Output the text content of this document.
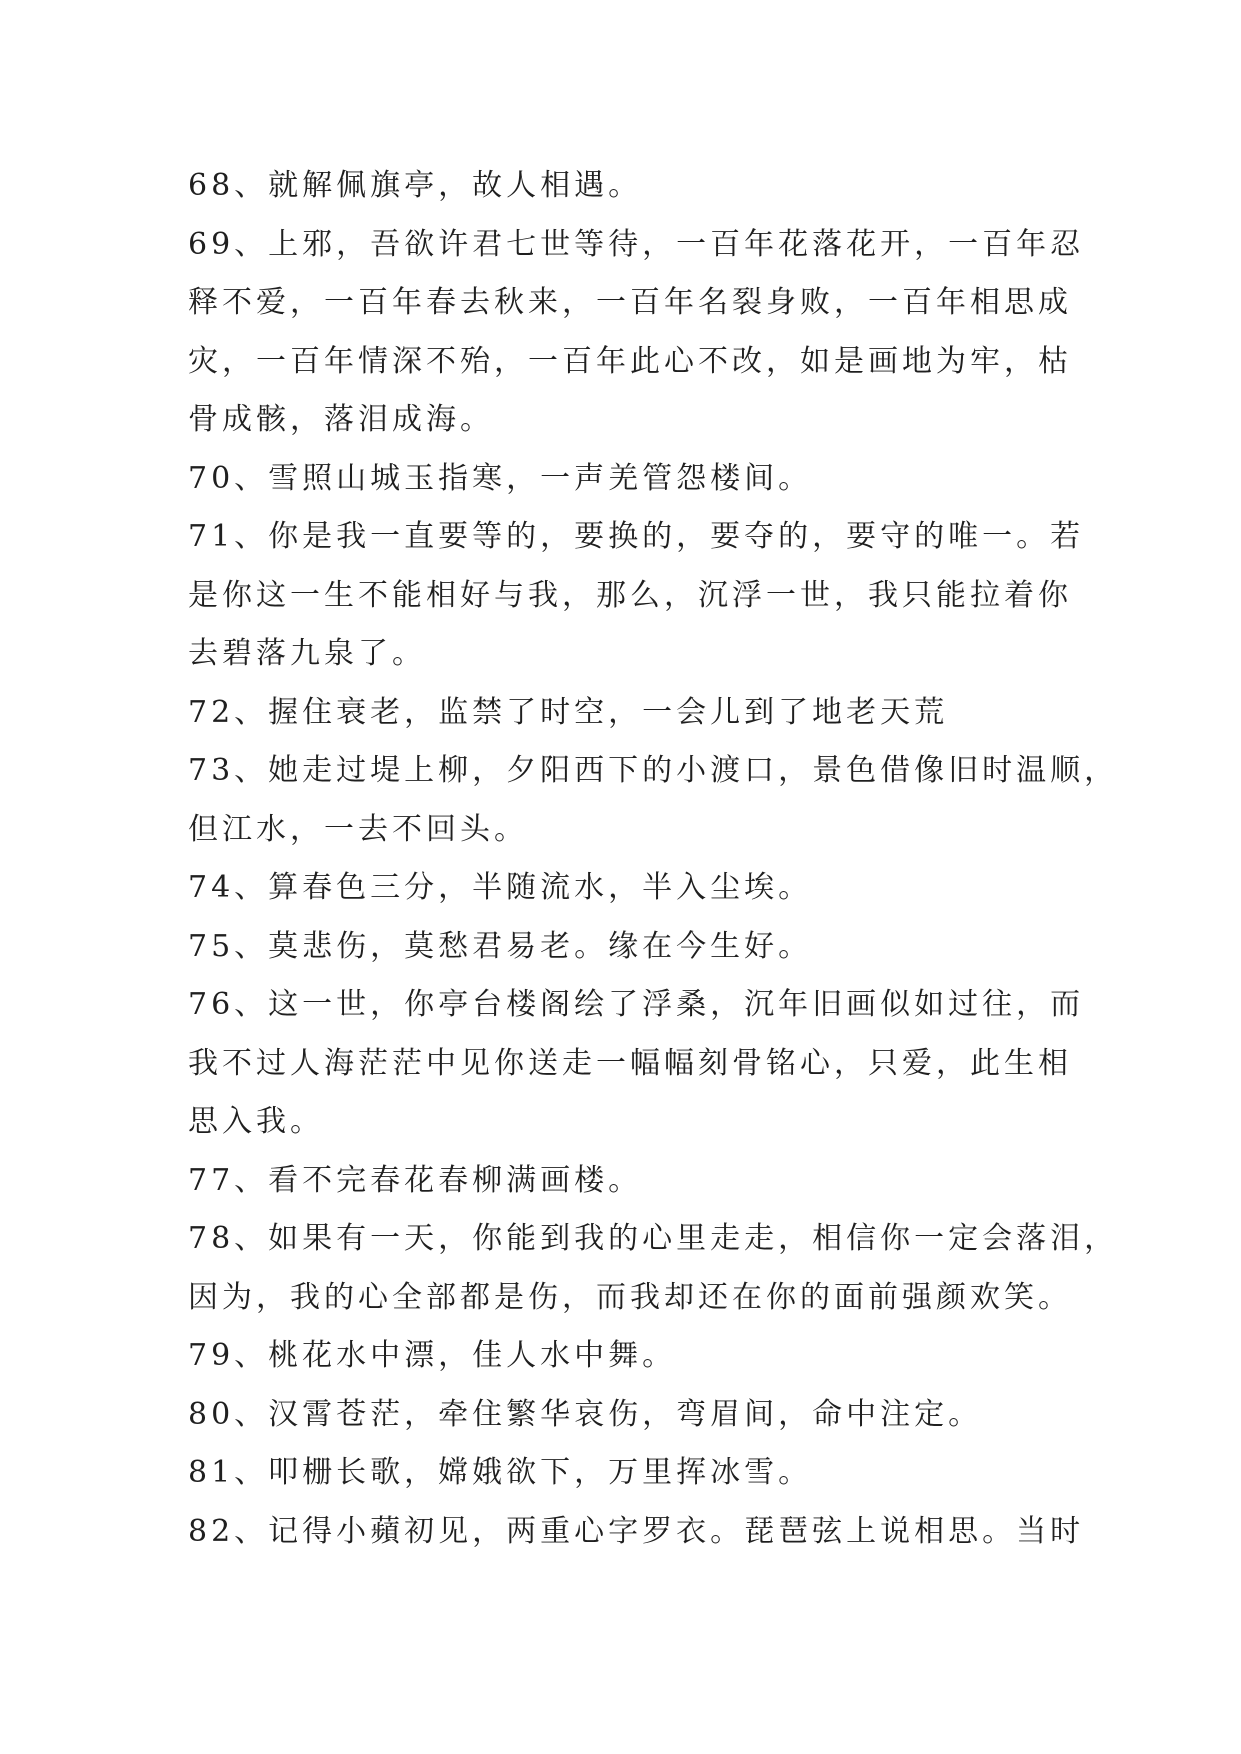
68、就解佩旗亭，故人相遇。

69、上邪，吾欲许君七世等待，一百年花落花开，一百年忍
释不爱，一百年春去秋来，一百年名裂身败，一百年相思成
灾，一百年情深不殆，一百年此心不改，如是画地为牢，枯
骨成骸，落泪成海。

70、雪照山城玉指寒，一声羌管怨楼间。

71、你是我一直要等的，要换的，要夺的，要守的唯一。若
是你这一生不能相好与我，那么，沉浮一世，我只能拉着你
去碧落九泉了。

72、握住衰老，监禁了时空，一会儿到了地老天荒

73、她走过堤上柳，夕阳西下的小渡口，景色借像旧时温顺，
但江水，一去不回头。

74、算春色三分，半随流水，半入尘埃。

75、莫悲伤，莫愁君易老。缘在今生好。

76、这一世，你亭台楼阁绘了浮桑，沉年旧画似如过往，而
我不过人海茫茫中见你送走一幅幅刻骨铭心，只爱，此生相
思入我。

77、看不完春花春柳满画楼。

78、如果有一天，你能到我的心里走走，相信你一定会落泪，
因为，我的心全部都是伤，而我却还在你的面前强颜欢笑。

79、桃花水中漂，佳人水中舞。

80、汉霄苍茫，牵住繁华哀伤，弯眉间，命中注定。

81、叩栅长歌，嫦娥欲下，万里挥冰雪。

82、记得小蘋初见，两重心字罗衣。琵琶弦上说相思。当时
